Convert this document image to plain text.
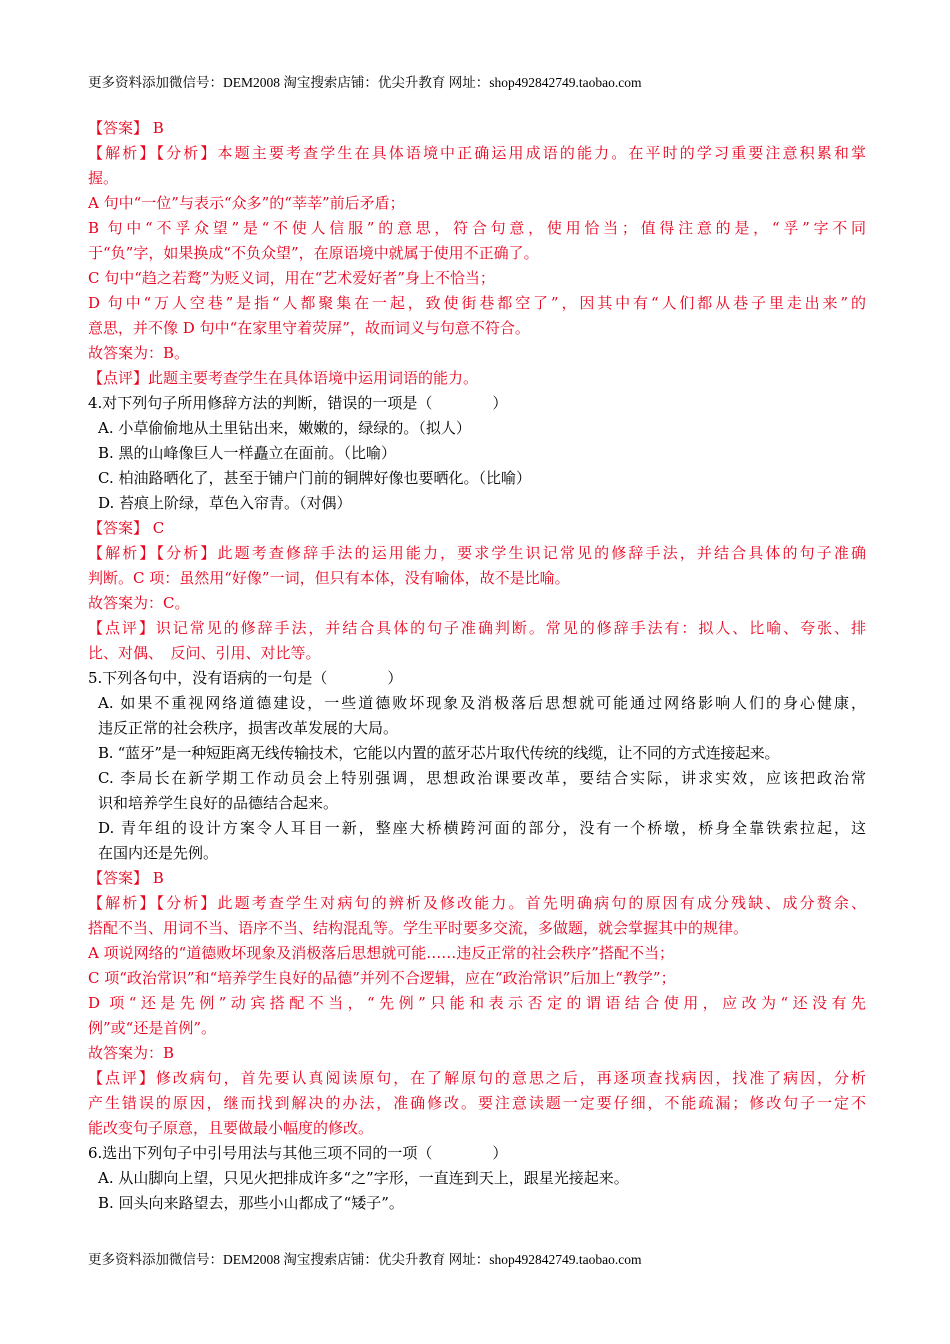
更多资料添加微信号：DEM2008 淘宝搜索店铺：优尖升教育 网址：shop492842749.taobao.com
【答案】 B
【解析】【分析】本题主要考查学生在具体语境中正确运用成语的能力。在平时的学习重要注意积累和掌
握。
A 句中“一位”与表示“众多”的“莘莘”前后矛盾；
B 句中“不孚众望”是“不使人信服”的意思，符合句意，使用恰当；值得注意的是，“孚”字不同
于“负”字，如果换成“不负众望”，在原语境中就属于使用不正确了。
C 句中“趋之若鹜”为贬义词，用在“艺术爱好者”身上不恰当；
D 句中“万人空巷”是指“人都聚集在一起，致使街巷都空了”，因其中有“人们都从巷子里走出来”的
意思，并不像 D 句中“在家里守着荧屏”，故而词义与句意不符合。
故答案为：B。
【点评】此题主要考查学生在具体语境中运用词语的能力。
4.对下列句子所用修辞方法的判断，错误的一项是（　　　　）
A. 小草偷偷地从土里钻出来，嫩嫩的，绿绿的。（拟人）
B. 黑的山峰像巨人一样矗立在面前。（比喻）
C. 柏油路晒化了，甚至于铺户门前的铜牌好像也要晒化。（比喻）
D. 苔痕上阶绿，草色入帘青。（对偶）
【答案】 C
【解析】【分析】此题考查修辞手法的运用能力，要求学生识记常见的修辞手法，并结合具体的句子准确
判断。C 项：虽然用“好像”一词，但只有本体，没有喻体，故不是比喻。
故答案为：C。
【点评】识记常见的修辞手法，并结合具体的句子准确判断。常见的修辞手法有：拟人、比喻、夸张、排
比、对偶、　反问、引用、对比等。
5.下列各句中，没有语病的一句是（　　　　）
A. 如果不重视网络道德建设，一些道德败坏现象及消极落后思想就可能通过网络影响人们的身心健康，
违反正常的社会秩序，损害改革发展的大局。
B. “蓝牙”是一种短距离无线传输技术，它能以内置的蓝牙芯片取代传统的线缆，让不同的方式连接起来。
C. 李局长在新学期工作动员会上特别强调，思想政治课要改革，要结合实际，讲求实效，应该把政治常
识和培养学生良好的品德结合起来。
D. 青年组的设计方案令人耳目一新，整座大桥横跨河面的部分，没有一个桥墩，桥身全靠铁索拉起，这
在国内还是先例。
【答案】 B
【解析】【分析】此题考查学生对病句的辨析及修改能力。首先明确病句的原因有成分残缺、成分赘余、
搭配不当、用词不当、语序不当、结构混乱等。学生平时要多交流，多做题，就会掌握其中的规律。
A 项说网络的“道德败坏现象及消极落后思想就可能……违反正常的社会秩序”搭配不当；
C 项“政治常识”和“培养学生良好的品德”并列不合逻辑，应在“政治常识”后加上“教学”；
D 项“还是先例”动宾搭配不当，“先例”只能和表示否定的谓语结合使用，应改为“还没有先
例”或“还是首例”。
故答案为：B
【点评】修改病句，首先要认真阅读原句，在了解原句的意思之后，再逐项查找病因，找准了病因，分析
产生错误的原因，继而找到解决的办法，准确修改。要注意读题一定要仔细，不能疏漏；修改句子一定不
能改变句子原意，且要做最小幅度的修改。
6.选出下列句子中引号用法与其他三项不同的一项（　　　　）
A. 从山脚向上望，只见火把排成许多“之”字形，一直连到天上，跟星光接起来。
B. 回头向来路望去，那些小山都成了“矮子”。
更多资料添加微信号：DEM2008 淘宝搜索店铺：优尖升教育 网址：shop492842749.taobao.com
